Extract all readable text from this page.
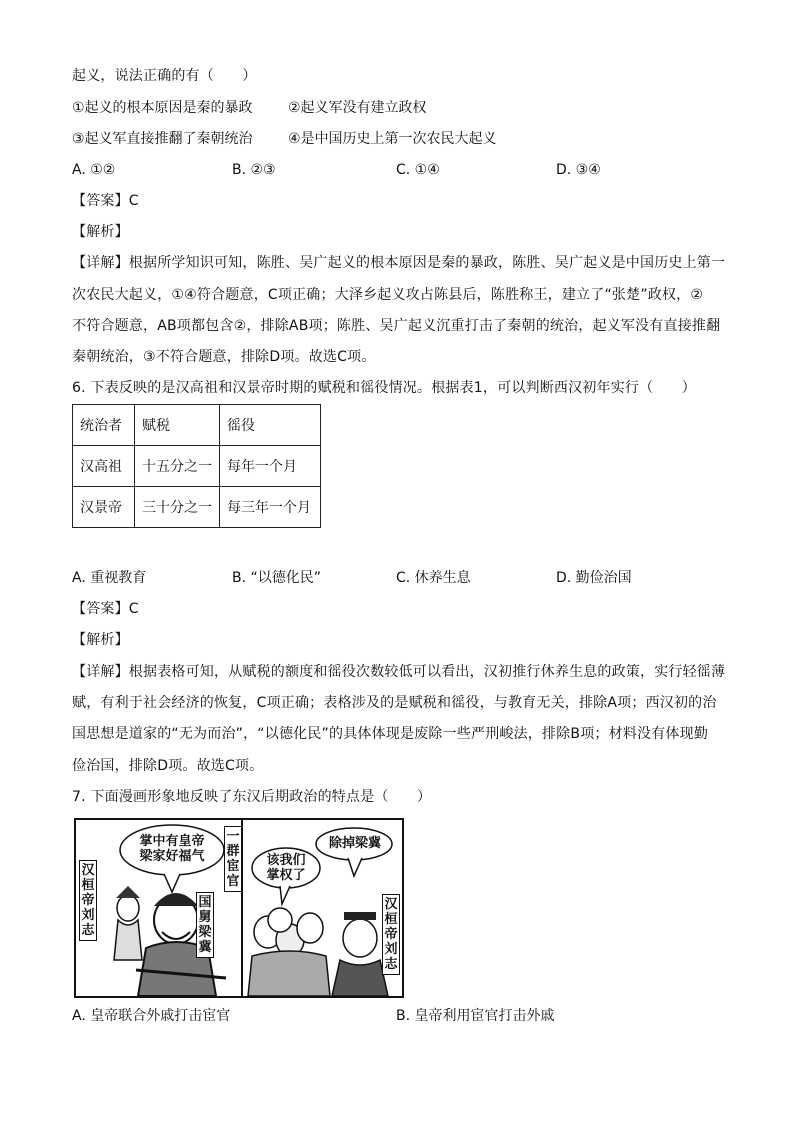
起义，说法正确的有（　　）
①起义的根本原因是秦的暴政	②起义军没有建立政权
③起义军直接推翻了秦朝统治	④是中国历史上第一次农民大起义
A. ①②	B. ②③	C. ①④	D. ③④
【答案】C
【解析】
【详解】根据所学知识可知，陈胜、吴广起义的根本原因是秦的暴政，陈胜、吴广起义是中国历史上第一
次农民大起义，①④符合题意，C项正确；大泽乡起义攻占陈县后，陈胜称王，建立了“张楚”政权，②
不符合题意，AB项都包含②，排除AB项；陈胜、吴广起义沉重打击了秦朝的统治，起义军没有直接推翻
秦朝统治，③不符合题意，排除D项。故选C项。
6. 下表反映的是汉高祖和汉景帝时期的赋税和徭役情况。根据表1，可以判断西汉初年实行（　　）
统治者	赋税	徭役
汉高祖	十五分之一	每年一个月
汉景帝	三十分之一	每三年一个月
A. 重视教育	B. “以德化民”	C. 休养生息	D. 勤俭治国
【答案】C
【解析】
【详解】根据表格可知，从赋税的额度和徭役次数较低可以看出，汉初推行休养生息的政策，实行轻徭薄
赋，有利于社会经济的恢复，C项正确；表格涉及的是赋税和徭役，与教育无关，排除A项；西汉初的治
国思想是道家的“无为而治”，“以德化民”的具体体现是废除一些严刑峻法，排除B项；材料没有体现勤
俭治国，排除D项。故选C项。
7. 下面漫画形象地反映了东汉后期政治的特点是（　　）
掌中有皇帝
梁家好福气	该我们
掌权了
除掉梁冀
汉桓帝刘志
国舅梁冀
一群宦官
汉桓帝刘志
A. 皇帝联合外戚打击宦官	B. 皇帝利用宦官打击外戚
